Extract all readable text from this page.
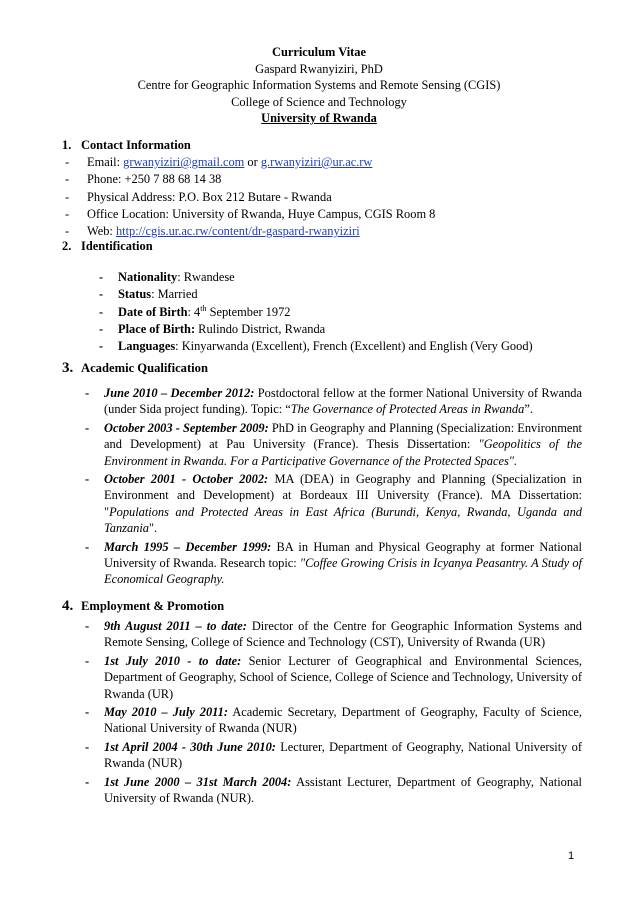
Curriculum Vitae
Gaspard Rwanyiziri, PhD
Centre for Geographic Information Systems and Remote Sensing (CGIS)
College of Science and Technology
University of Rwanda
1. Contact Information
- Email: grwanyiziri@gmail.com or g.rwanyiziri@ur.ac.rw
- Phone: +250 7 88 68 14 38
- Physical Address: P.O. Box 212 Butare - Rwanda
- Office Location: University of Rwanda, Huye Campus, CGIS Room 8
- Web: http://cgis.ur.ac.rw/content/dr-gaspard-rwanyiziri
2. Identification
- Nationality: Rwandese
- Status: Married
- Date of Birth: 4th September 1972
- Place of Birth: Rulindo District, Rwanda
- Languages: Kinyarwanda (Excellent), French (Excellent) and English (Very Good)
3. Academic Qualification
- June 2010 – December 2012: Postdoctoral fellow at the former National University of Rwanda (under Sida project funding). Topic: “The Governance of Protected Areas in Rwanda”.
- October 2003 - September 2009: PhD in Geography and Planning (Specialization: Environment and Development) at Pau University (France). Thesis Dissertation: "Geopolitics of the Environment in Rwanda. For a Participative Governance of the Protected Spaces".
- October 2001 - October 2002: MA (DEA) in Geography and Planning (Specialization in Environment and Development) at Bordeaux III University (France). MA Dissertation: "Populations and Protected Areas in East Africa (Burundi, Kenya, Rwanda, Uganda and Tanzania".
- March 1995 – December 1999: BA in Human and Physical Geography at former National University of Rwanda. Research topic: "Coffee Growing Crisis in Icyanya Peasantry. A Study of Economical Geography.
4. Employment & Promotion
- 9th August 2011 – to date: Director of the Centre for Geographic Information Systems and Remote Sensing, College of Science and Technology (CST), University of Rwanda (UR)
- 1st July 2010 - to date: Senior Lecturer of Geographical and Environmental Sciences, Department of Geography, School of Science, College of Science and Technology, University of Rwanda (UR)
- May 2010 – July 2011: Academic Secretary, Department of Geography, Faculty of Science, National University of Rwanda (NUR)
- 1st April 2004 - 30th June 2010: Lecturer, Department of Geography, National University of Rwanda (NUR)
- 1st June 2000 – 31st March 2004: Assistant Lecturer, Department of Geography, National University of Rwanda (NUR).
1
